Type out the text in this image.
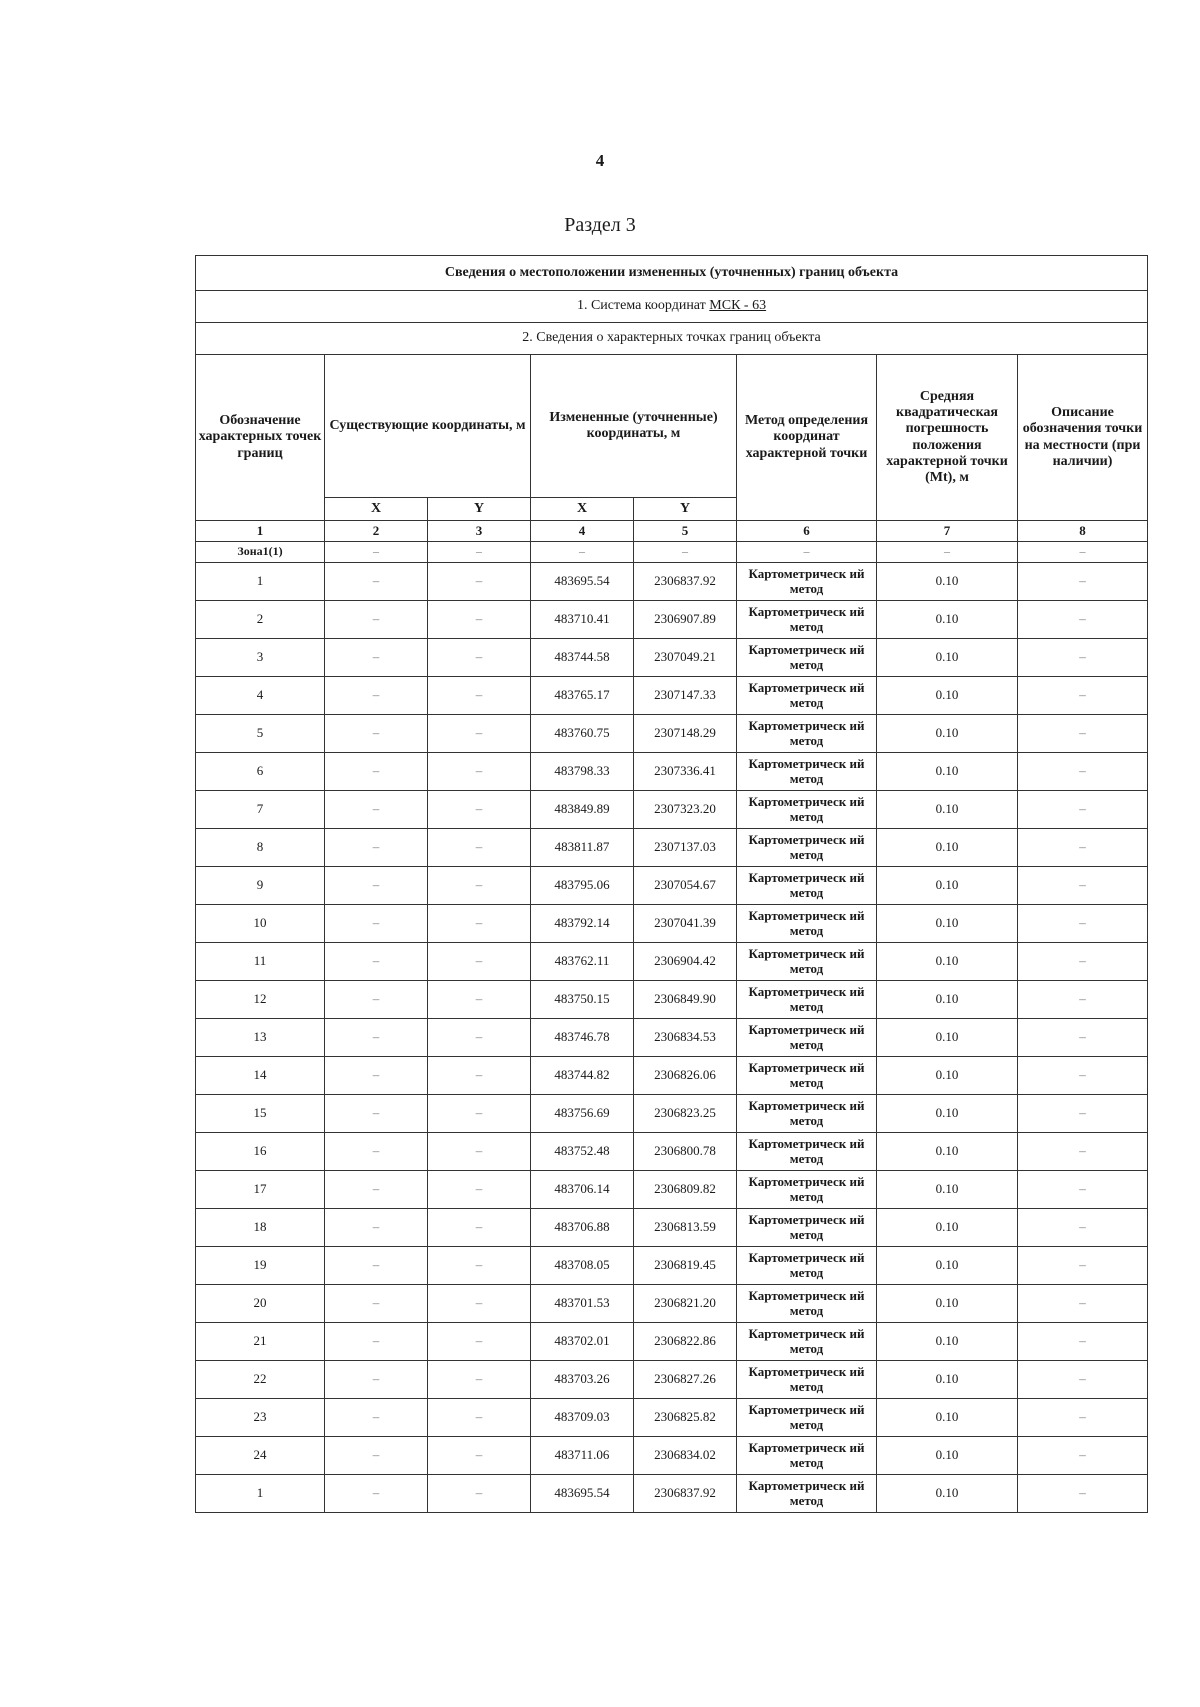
4
Раздел 3
Сведения о местоположении измененных (уточненных) границ объекта							
1. Система координат МСК - 63							
2. Сведения о характерных точках границ объекта							
Обозначение характерных точек границ	Существующие координаты, м		Измененные (уточненные) координаты, м		Метод определения координат характерной точки	Средняя квадратическая погрешность положения характерной точки (Mt), м	Описание обозначения точки на местности (при наличии)
	X	Y	X	Y			
1	2	3	4	5	6	7	8
Зона1(1)	–	–	–	–	–	–	–
1	–	–	483695.54	2306837.92	Картометрическ ий метод	0.10	–
2	–	–	483710.41	2306907.89	Картометрическ ий метод	0.10	–
3	–	–	483744.58	2307049.21	Картометрическ ий метод	0.10	–
4	–	–	483765.17	2307147.33	Картометрическ ий метод	0.10	–
5	–	–	483760.75	2307148.29	Картометрическ ий метод	0.10	–
6	–	–	483798.33	2307336.41	Картометрическ ий метод	0.10	–
7	–	–	483849.89	2307323.20	Картометрическ ий метод	0.10	–
8	–	–	483811.87	2307137.03	Картометрическ ий метод	0.10	–
9	–	–	483795.06	2307054.67	Картометрическ ий метод	0.10	–
10	–	–	483792.14	2307041.39	Картометрическ ий метод	0.10	–
11	–	–	483762.11	2306904.42	Картометрическ ий метод	0.10	–
12	–	–	483750.15	2306849.90	Картометрическ ий метод	0.10	–
13	–	–	483746.78	2306834.53	Картометрическ ий метод	0.10	–
14	–	–	483744.82	2306826.06	Картометрическ ий метод	0.10	–
15	–	–	483756.69	2306823.25	Картометрическ ий метод	0.10	–
16	–	–	483752.48	2306800.78	Картометрическ ий метод	0.10	–
17	–	–	483706.14	2306809.82	Картометрическ ий метод	0.10	–
18	–	–	483706.88	2306813.59	Картометрическ ий метод	0.10	–
19	–	–	483708.05	2306819.45	Картометрическ ий метод	0.10	–
20	–	–	483701.53	2306821.20	Картометрическ ий метод	0.10	–
21	–	–	483702.01	2306822.86	Картометрическ ий метод	0.10	–
22	–	–	483703.26	2306827.26	Картометрическ ий метод	0.10	–
23	–	–	483709.03	2306825.82	Картометрическ ий метод	0.10	–
24	–	–	483711.06	2306834.02	Картометрическ ий метод	0.10	–
1	–	–	483695.54	2306837.92	Картометрическ ий метод	0.10	–
